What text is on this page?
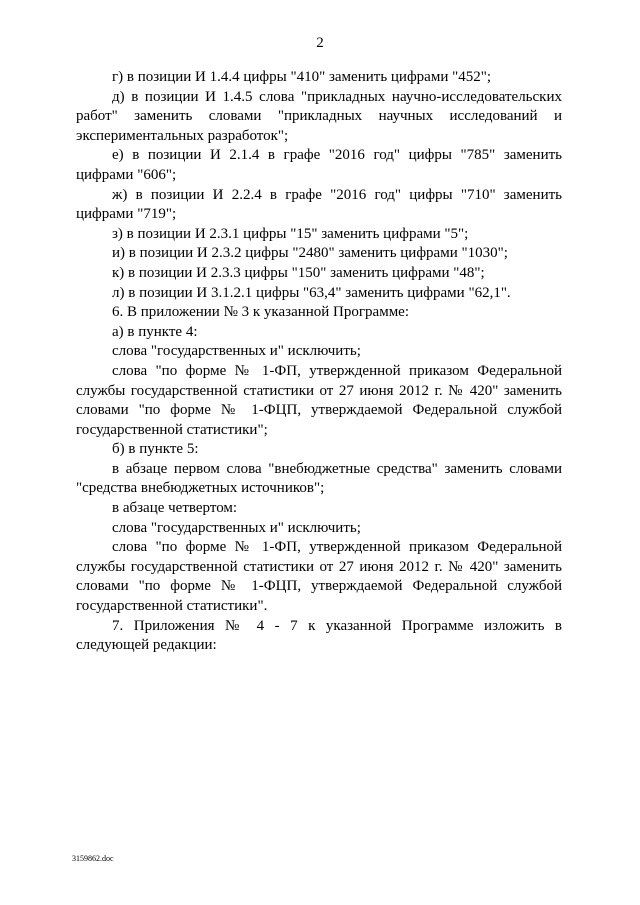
2

г) в позиции И 1.4.4 цифры "410" заменить цифрами "452";

д) в позиции И 1.4.5 слова "прикладных научно-исследовательских работ" заменить словами "прикладных научных исследований и экспериментальных разработок";

е) в позиции И 2.1.4 в графе "2016 год" цифры "785" заменить цифрами "606";

ж) в позиции И 2.2.4 в графе "2016 год" цифры "710" заменить цифрами "719";

з) в позиции И 2.3.1 цифры "15" заменить цифрами "5";

и) в позиции И 2.3.2 цифры "2480" заменить цифрами "1030";

к) в позиции И 2.3.3 цифры "150" заменить цифрами "48";

л) в позиции И 3.1.2.1 цифры "63,4" заменить цифрами "62,1".

6. В приложении № 3 к указанной Программе:

а) в пункте 4:

слова "государственных и" исключить;

слова "по форме № 1-ФП, утвержденной приказом Федеральной службы государственной статистики от 27 июня 2012 г. № 420" заменить словами "по форме № 1-ФЦП, утверждаемой Федеральной службой государственной статистики";

б) в пункте 5:

в абзаце первом слова "внебюджетные средства" заменить словами "средства внебюджетных источников";

в абзаце четвертом:

слова "государственных и" исключить;

слова "по форме № 1-ФП, утвержденной приказом Федеральной службы государственной статистики от 27 июня 2012 г. № 420" заменить словами "по форме № 1-ФЦП, утверждаемой Федеральной службой государственной статистики".

7. Приложения № 4 - 7 к указанной Программе изложить в следующей редакции:

3159862.doc
